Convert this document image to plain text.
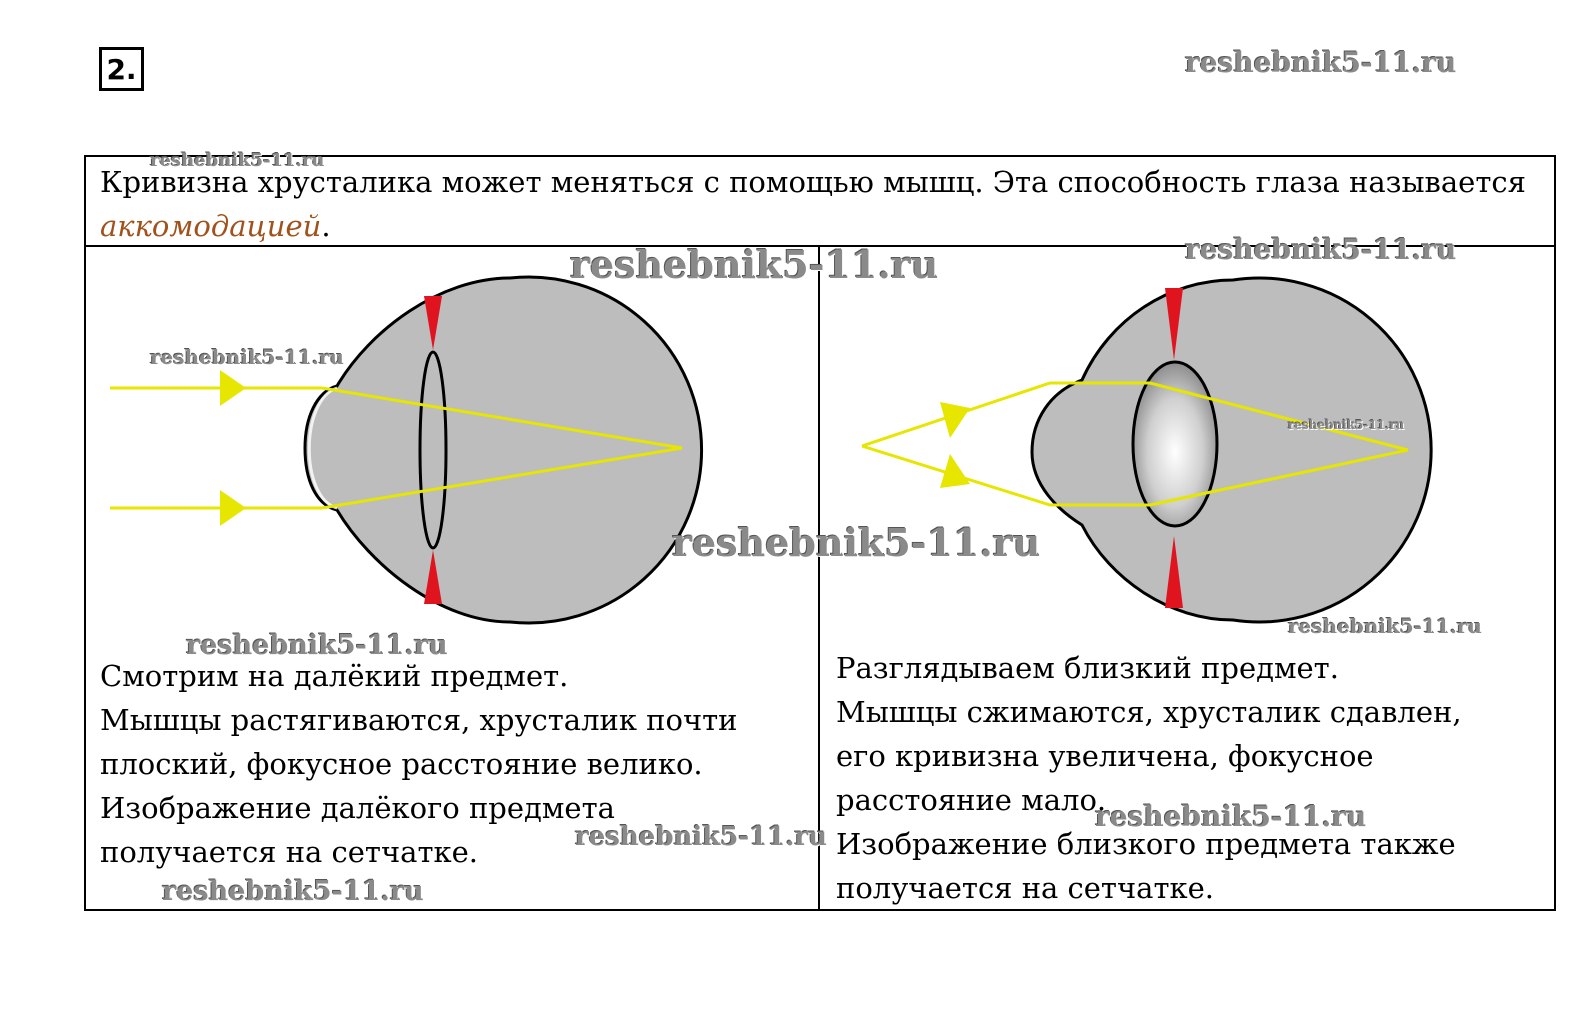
2.
Кривизна хрусталика может меняться с помощью мышц. Эта способность глаза называется аккомодацией.
Смотрим на далёкий предмет.
Мышцы растягиваются, хрусталик почти
плоский, фокусное расстояние велико.
Изображение далёкого предмета
получается на сетчатке.
Разглядываем близкий предмет.
Мышцы сжимаются, хрусталик сдавлен,
его кривизна увеличена, фокусное
расстояние мало.
Изображение близкого предмета также
получается на сетчатке.
reshebnik5-11.ru
reshebnik5-11.ru
reshebnik5-11.ru	reshebnik5-11.ru
reshebnik5-11.ru
reshebnik5-11.ru
reshebnik5-11.ru
reshebnik5-11.ru
reshebnik5-11.ru
reshebnik5-11.ru
reshebnik5-11.ru
reshebnik5-11.ru
